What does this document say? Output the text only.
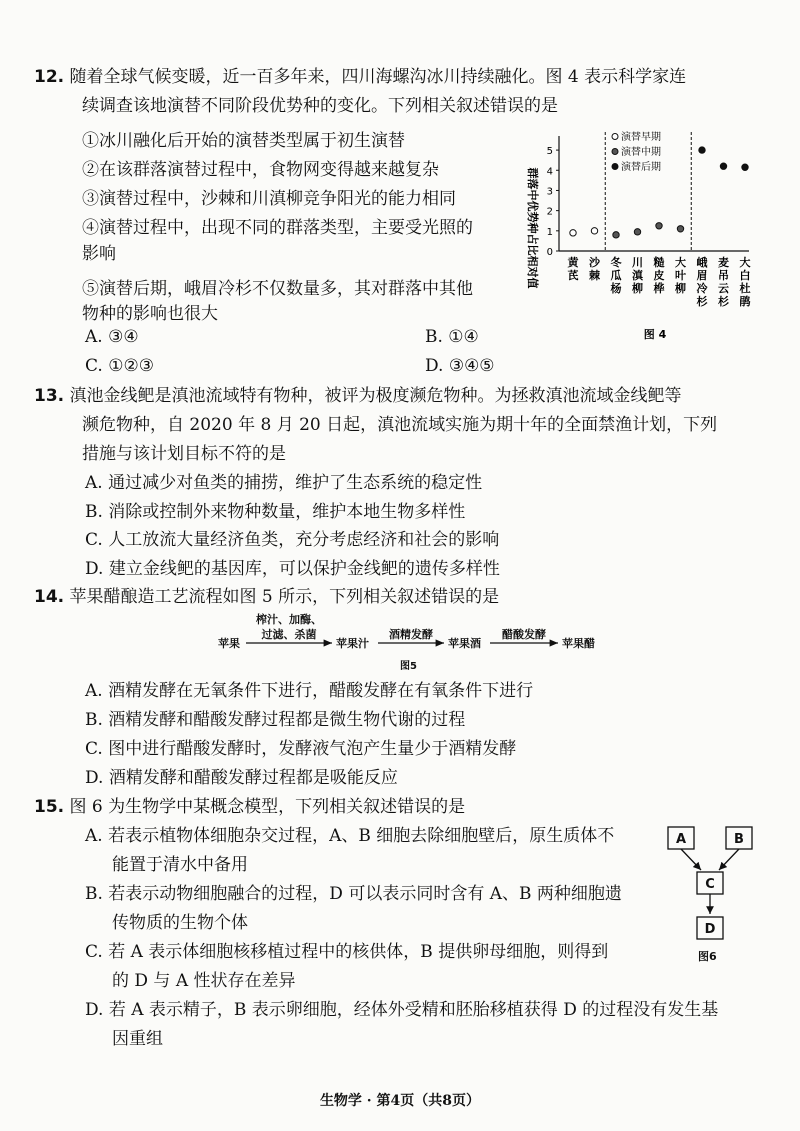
12. 随着全球气候变暖，近一百多年来，四川海螺沟冰川持续融化。图 4 表示科学家连
续调查该地演替不同阶段优势种的变化。下列相关叙述错误的是
①冰川融化后开始的演替类型属于初生演替
②在该群落演替过程中，食物网变得越来越复杂
③演替过程中，沙棘和川滇柳竞争阳光的能力相同
④演替过程中，出现不同的群落类型，主要受光照的
影响
⑤演替后期，峨眉冷杉不仅数量多，其对群落中其他
物种的影响也很大
A. ③④	B. ①④
C. ①②③	D. ③④⑤
群落中优势种占比相对值 0
1
2
3
4
5
演替早期
演替中期
演替后期
黄芪
沙棘
冬瓜杨
川滇柳
糙皮桦
大叶柳
峨眉冷杉
麦吊云杉
大白杜鹃
图 4
13. 滇池金线鲃是滇池流域特有物种，被评为极度濒危物种。为拯救滇池流域金线鲃等
濒危物种，自 2020 年 8 月 20 日起，滇池流域实施为期十年的全面禁渔计划，下列
措施与该计划目标不符的是
A. 通过减少对鱼类的捕捞，维护了生态系统的稳定性
B. 消除或控制外来物种数量，维护本地生物多样性
C. 人工放流大量经济鱼类，充分考虑经济和社会的影响
D. 建立金线鲃的基因库，可以保护金线鲃的遗传多样性
14. 苹果醋酿造工艺流程如图 5 所示，下列相关叙述错误的是
苹果
榨汁、加酶、
过滤、杀菌
苹果汁
酒精发酵
苹果酒
醋酸发酵
苹果醋
图5
A. 酒精发酵在无氧条件下进行，醋酸发酵在有氧条件下进行
B. 酒精发酵和醋酸发酵过程都是微生物代谢的过程
C. 图中进行醋酸发酵时，发酵液气泡产生量少于酒精发酵
D. 酒精发酵和醋酸发酵过程都是吸能反应
15. 图 6 为生物学中某概念模型，下列相关叙述错误的是
A. 若表示植物体细胞杂交过程，A、B 细胞去除细胞壁后，原生质体不
能置于清水中备用
B. 若表示动物细胞融合的过程，D 可以表示同时含有 A、B 两种细胞遗
传物质的生物个体
C. 若 A 表示体细胞核移植过程中的核供体，B 提供卵母细胞，则得到
的 D 与 A 性状存在差异
D. 若 A 表示精子，B 表示卵细胞，经体外受精和胚胎移植获得 D 的过程没有发生基
因重组
A	B
C
D
图6
生物学 · 第4页（共8页）
